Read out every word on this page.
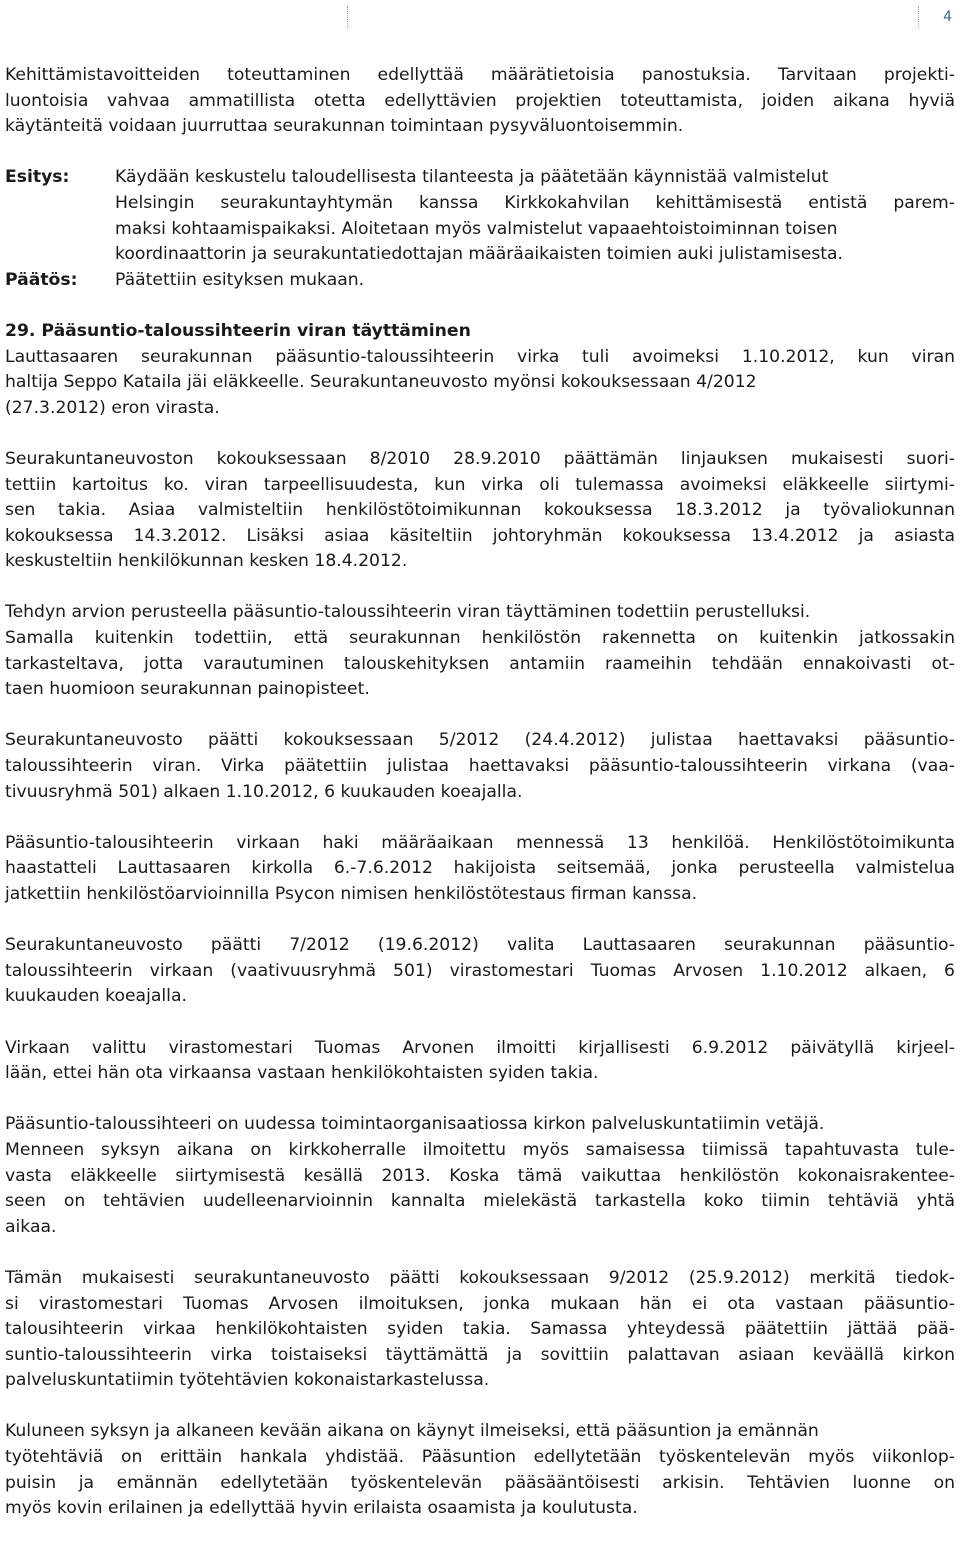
4
Kehittämistavoitteiden toteuttaminen edellyttää määrätietoisia panostuksia. Tarvitaan projekti-
luontoisia vahvaa ammatillista otetta edellyttävien projektien toteuttamista, joiden aikana hyviä
käytänteitä voidaan juurruttaa seurakunnan toimintaan pysyväluontoisemmin.
Esitys:	Käydään keskustelu taloudellisesta tilanteesta ja päätetään käynnistää valmistelut
Helsingin seurakuntayhtymän kanssa Kirkkokahvilan kehittämisestä entistä parem-
maksi kohtaamispaikaksi. Aloitetaan myös valmistelut vapaaehtoistoiminnan toisen
koordinaattorin ja seurakuntatiedottajan määräaikaisten toimien auki julistamisesta.
Päätös:	Päätettiin esityksen mukaan.
29. Pääsuntio-taloussihteerin viran täyttäminen
Lauttasaaren seurakunnan pääsuntio-taloussihteerin virka tuli avoimeksi 1.10.2012, kun viran
haltija Seppo Kataila jäi eläkkeelle. Seurakuntaneuvosto myönsi kokouksessaan 4/2012
(27.3.2012) eron virasta.
Seurakuntaneuvoston kokouksessaan 8/2010 28.9.2010 päättämän linjauksen mukaisesti suori-
tettiin kartoitus ko. viran tarpeellisuudesta, kun virka oli tulemassa avoimeksi eläkkeelle siirtymi-
sen takia. Asiaa valmisteltiin henkilöstötoimikunnan kokouksessa 18.3.2012 ja työvaliokunnan
kokouksessa 14.3.2012. Lisäksi asiaa käsiteltiin johtoryhmän kokouksessa 13.4.2012 ja asiasta
keskusteltiin henkilökunnan kesken 18.4.2012.
Tehdyn arvion perusteella pääsuntio-taloussihteerin viran täyttäminen todettiin perustelluksi.
Samalla kuitenkin todettiin, että seurakunnan henkilöstön rakennetta on kuitenkin jatkossakin
tarkasteltava, jotta varautuminen talouskehityksen antamiin raameihin tehdään ennakoivasti ot-
taen huomioon seurakunnan painopisteet.
Seurakuntaneuvosto päätti kokouksessaan 5/2012 (24.4.2012) julistaa haettavaksi pääsuntio-
taloussihteerin viran. Virka päätettiin julistaa haettavaksi pääsuntio-taloussihteerin virkana (vaa-
tivuusryhmä 501) alkaen 1.10.2012, 6 kuukauden koeajalla.
Pääsuntio-talousihteerin virkaan haki määräaikaan mennessä 13 henkilöä. Henkilöstötoimikunta
haastatteli Lauttasaaren kirkolla 6.-7.6.2012 hakijoista seitsemää, jonka perusteella valmistelua
jatkettiin henkilöstöarvioinnilla Psycon nimisen henkilöstötestaus firman kanssa.
Seurakuntaneuvosto päätti 7/2012 (19.6.2012) valita Lauttasaaren seurakunnan pääsuntio-
taloussihteerin virkaan (vaativuusryhmä 501) virastomestari Tuomas Arvosen 1.10.2012 alkaen, 6
kuukauden koeajalla.
Virkaan valittu virastomestari Tuomas Arvonen ilmoitti kirjallisesti 6.9.2012 päivätyllä kirjeel-
lään, ettei hän ota virkaansa vastaan henkilökohtaisten syiden takia.
Pääsuntio-taloussihteeri on uudessa toimintaorganisaatiossa kirkon palveluskuntatiimin vetäjä.
Menneen syksyn aikana on kirkkoherralle ilmoitettu myös samaisessa tiimissä tapahtuvasta tule-
vasta eläkkeelle siirtymisestä kesällä 2013. Koska tämä vaikuttaa henkilöstön kokonaisrakentee-
seen on tehtävien uudelleenarvioinnin kannalta mielekästä tarkastella koko tiimin tehtäviä yhtä
aikaa.
Tämän mukaisesti seurakuntaneuvosto päätti kokouksessaan 9/2012 (25.9.2012) merkitä tiedok-
si virastomestari Tuomas Arvosen ilmoituksen, jonka mukaan hän ei ota vastaan pääsuntio-
talousihteerin virkaa henkilökohtaisten syiden takia. Samassa yhteydessä päätettiin jättää pää-
suntio-taloussihteerin virka toistaiseksi täyttämättä ja sovittiin palattavan asiaan keväällä kirkon
palveluskuntatiimin työtehtävien kokonaistarkastelussa.
Kuluneen syksyn ja alkaneen kevään aikana on käynyt ilmeiseksi, että pääsuntion ja emännän
työtehtäviä on erittäin hankala yhdistää. Pääsuntion edellytetään työskentelevän myös viikonlop-
puisin ja emännän edellytetään työskentelevän pääsääntöisesti arkisin. Tehtävien luonne on
myös kovin erilainen ja edellyttää hyvin erilaista osaamista ja koulutusta.
